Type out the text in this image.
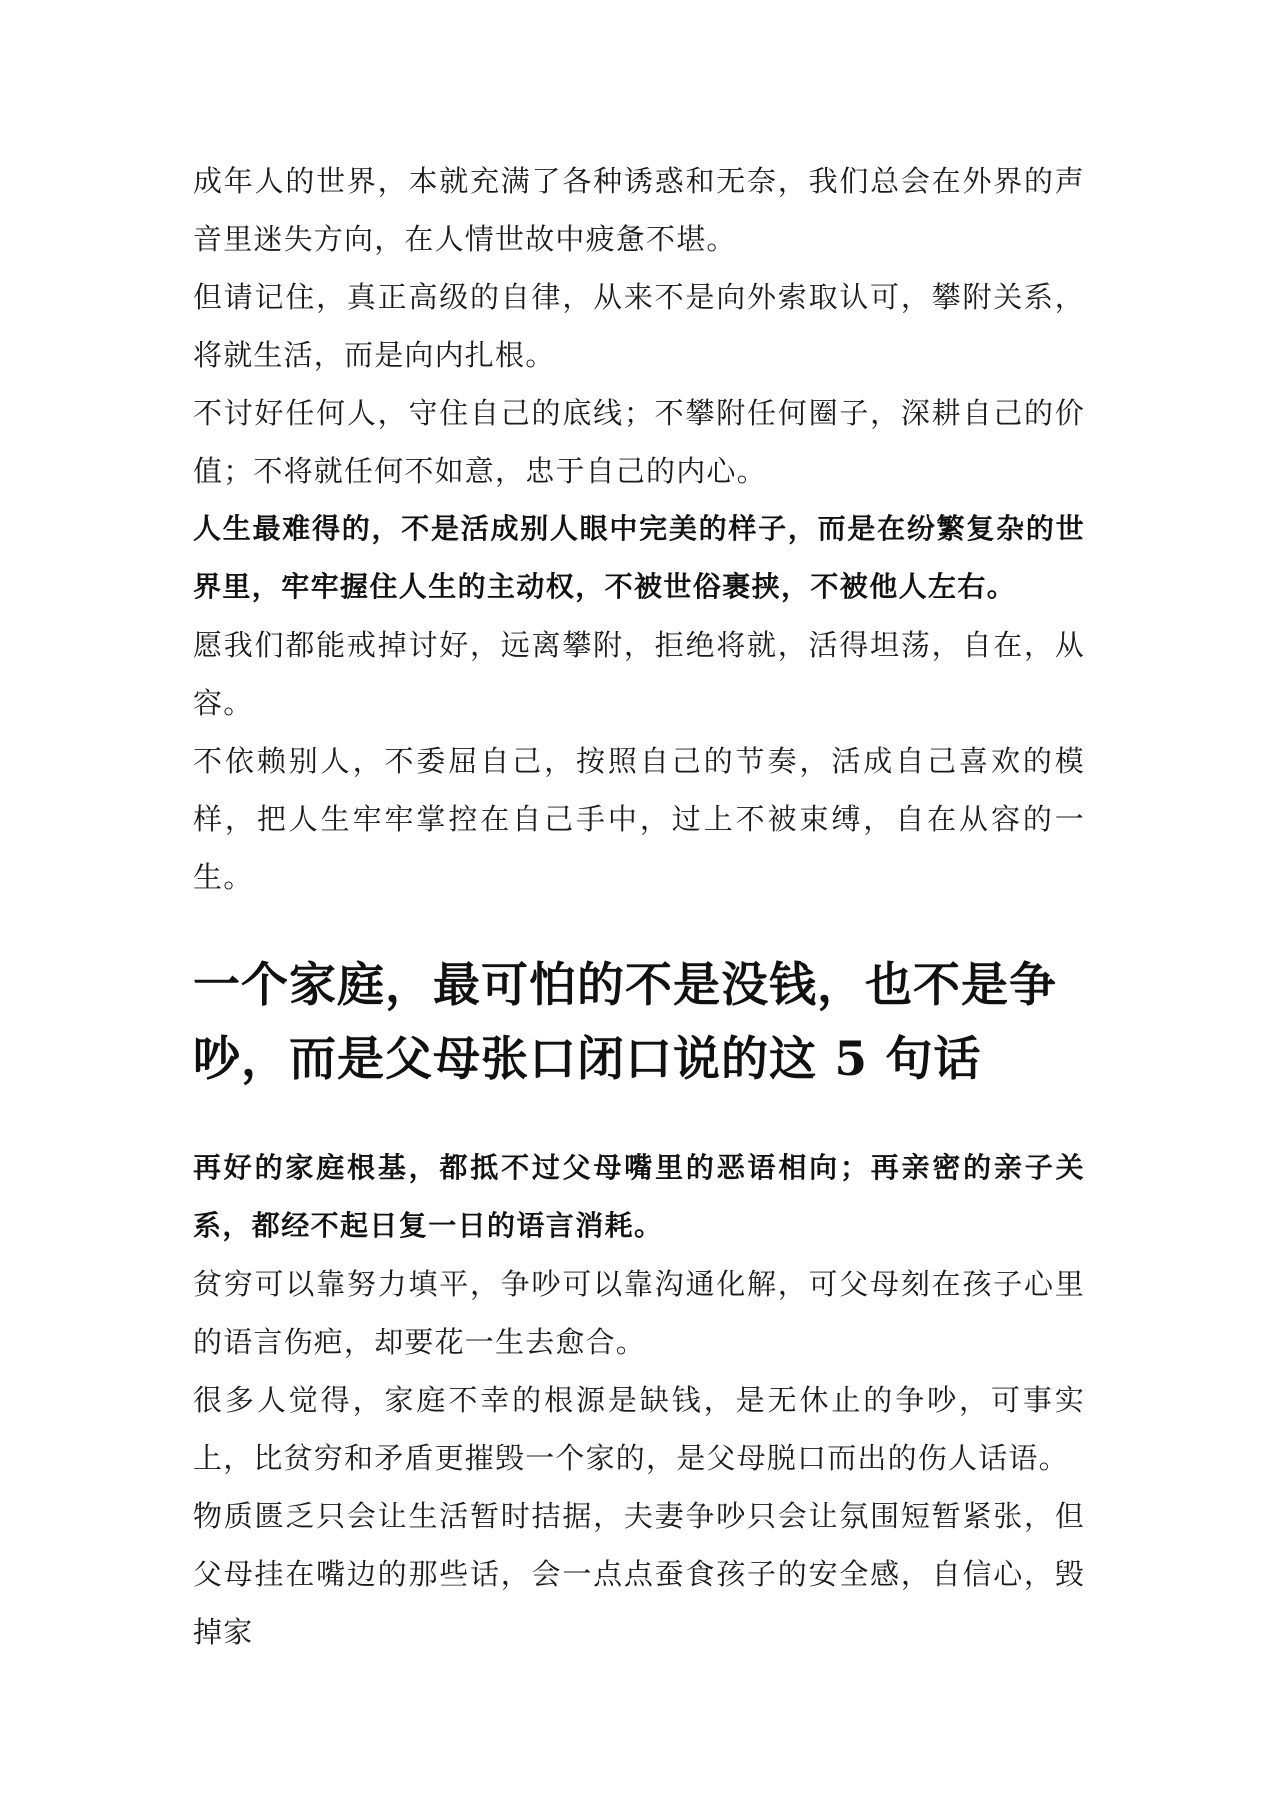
成年人的世界，本就充满了各种诱惑和无奈，我们总会在外界的声音里迷失方向，在人情世故中疲惫不堪。

但请记住，真正高级的自律，从来不是向外索取认可，攀附关系，将就生活，而是向内扎根。

不讨好任何人，守住自己的底线；不攀附任何圈子，深耕自己的价值；不将就任何不如意，忠于自己的内心。

人生最难得的，不是活成别人眼中完美的样子，而是在纷繁复杂的世界里，牢牢握住人生的主动权，不被世俗裹挟，不被他人左右。

愿我们都能戒掉讨好，远离攀附，拒绝将就，活得坦荡，自在，从容。

不依赖别人，不委屈自己，按照自己的节奏，活成自己喜欢的模样，把人生牢牢掌控在自己手中，过上不被束缚，自在从容的一生。

一个家庭，最可怕的不是没钱，也不是争吵，而是父母张口闭口说的这 5 句话

再好的家庭根基，都抵不过父母嘴里的恶语相向；再亲密的亲子关系，都经不起日复一日的语言消耗。

贫穷可以靠努力填平，争吵可以靠沟通化解，可父母刻在孩子心里的语言伤疤，却要花一生去愈合。

很多人觉得，家庭不幸的根源是缺钱，是无休止的争吵，可事实上，比贫穷和矛盾更摧毁一个家的，是父母脱口而出的伤人话语。

物质匮乏只会让生活暂时拮据，夫妻争吵只会让氛围短暂紧张，但父母挂在嘴边的那些话，会一点点蚕食孩子的安全感，自信心，毁掉家
